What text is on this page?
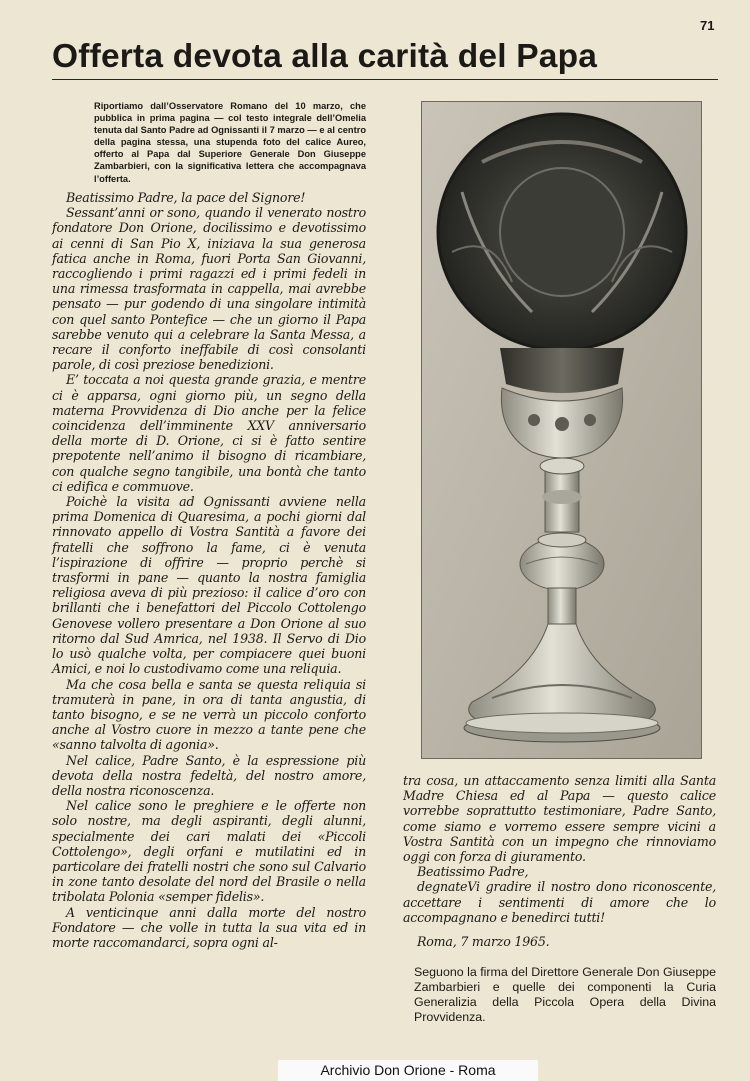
71
Offerta devota alla carità del Papa
Riportiamo dall’Osservatore Romano del 10 marzo, che pubblica in prima pagina — col testo integrale dell’Omelia tenuta dal Santo Padre ad Ognissanti il 7 marzo — e al centro della pagina stessa, una stupenda foto del calice Aureo, offerto al Papa dal Superiore Generale Don Giuseppe Zambarbieri, con la significativa lettera che accompagnava l’offerta.

Beatissimo Padre, la pace del Signore!

Sessant’anni or sono, quando il venerato nostro fondatore Don Orione, docilissimo e devotissimo ai cenni di San Pio X, iniziava la sua generosa fatica anche in Roma, fuori Porta San Giovanni, raccogliendo i primi ragazzi ed i primi fedeli in una rimessa trasformata in cappella, mai avrebbe pensato — pur godendo di una singolare intimità con quel santo Pontefice — che un giorno il Papa sarebbe venuto qui a celebrare la Santa Messa, a recare il conforto ineffabile di così consolanti parole, di così preziose benedizioni.

E’ toccata a noi questa grande grazia, e mentre ci è apparsa, ogni giorno più, un segno della materna Provvidenza di Dio anche per la felice coincidenza dell’imminente XXV anniversario della morte di D. Orione, ci si è fatto sentire prepotente nell’animo il bisogno di ricambiare, con qualche segno tangibile, una bontà che tanto ci edifica e commuove.

Poichè la visita ad Ognissanti avviene nella prima Domenica di Quaresima, a pochi giorni dal rinnovato appello di Vostra Santità a favore dei fratelli che soffrono la fame, ci è venuta l’ispirazione di offrire — proprio perchè si trasformi in pane — quanto la nostra famiglia religiosa aveva di più prezioso: il calice d’oro con brillanti che i benefattori del Piccolo Cottolengo Genovese vollero presentare a Don Orione al suo ritorno dal Sud Amrica, nel 1938. Il Servo di Dio lo usò qualche volta, per compiacere quei buoni Amici, e noi lo custodivamo come una reliquia.

Ma che cosa bella e santa se questa reliquia si tramuterà in pane, in ora di tanta angustia, di tanto bisogno, e se ne verrà un piccolo conforto anche al Vostro cuore in mezzo a tante pene che «sanno talvolta di agonia».

Nel calice, Padre Santo, è la espressione più devota della nostra fedeltà, del nostro amore, della nostra riconoscenza.

Nel calice sono le preghiere e le offerte non solo nostre, ma degli aspiranti, degli alunni, specialmente dei cari malati dei «Piccoli Cottolengo», degli orfani e mutilatini ed in particolare dei fratelli nostri che sono sul Calvario in zone tanto desolate del nord del Brasile o nella tribolata Polonia «semper fidelis».

A venticinque anni dalla morte del nostro Fondatore — che volle in tutta la sua vita ed in morte raccomandarci, sopra ogni al-

tra cosa, un attaccamento senza limiti alla Santa Madre Chiesa ed al Papa — questo calice vorrebbe soprattutto testimoniare, Padre Santo, come siamo e vorremo essere sempre vicini a Vostra Santità con un impegno che rinnoviamo oggi con forza di giuramento.

Beatissimo Padre,

degnateVi gradire il nostro dono riconoscente, accettare i sentimenti di amore che lo accompagnano e benedirci tutti!

Roma, 7 marzo 1965.

Seguono la firma del Direttore Generale Don Giuseppe Zambarbieri e quelle dei componenti la Curia Generalizia della Piccola Opera della Divina Provvidenza.
Archivio Don Orione - Roma
